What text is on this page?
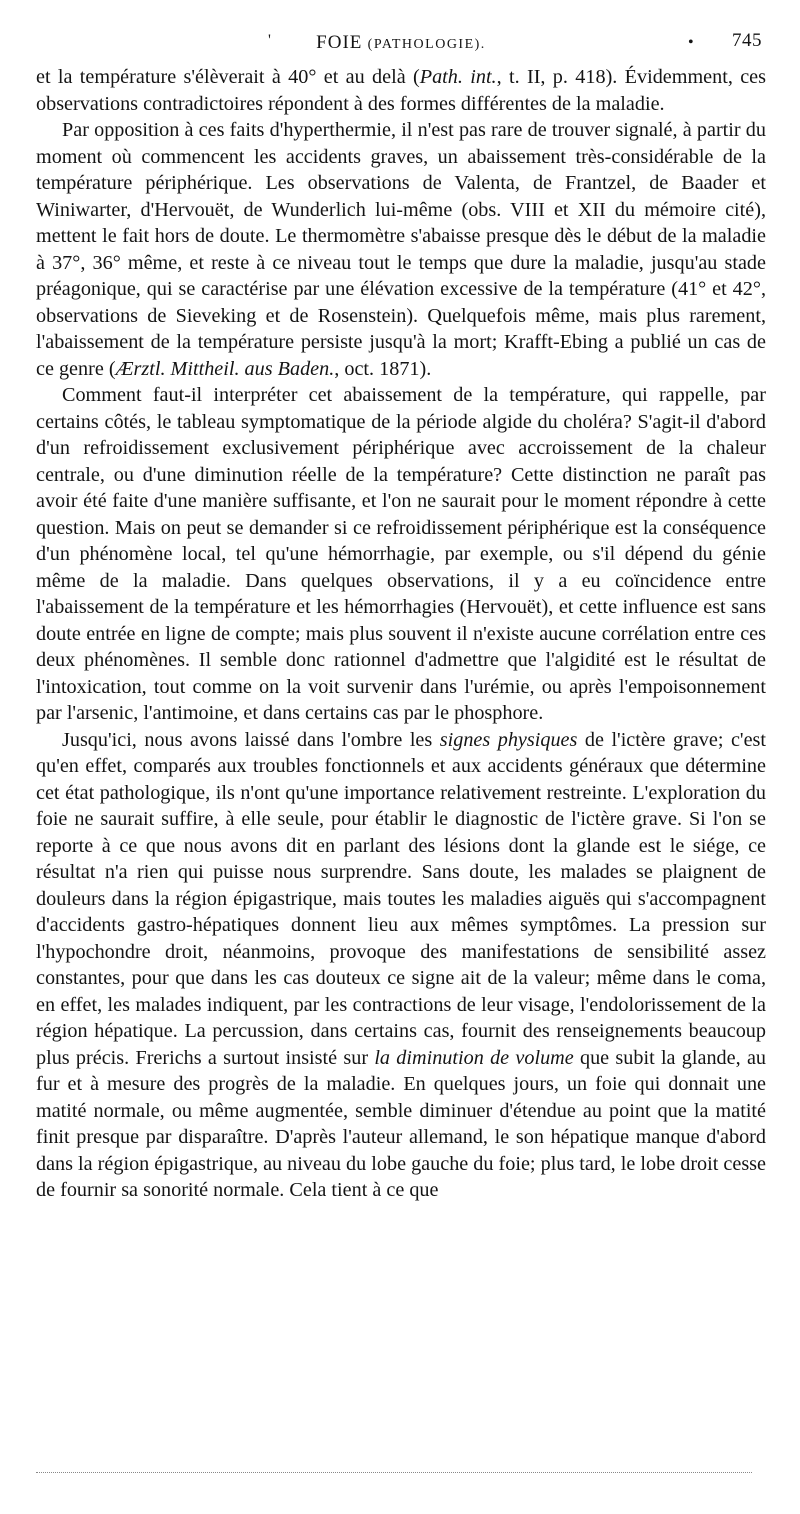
'	FOIE (PATHOLOGIE).	• 745

et la température s'élèverait à 40° et au delà (Path. int., t. II, p. 418). Évidemment, ces observations contradictoires répondent à des formes différentes de la maladie.

Par opposition à ces faits d'hyperthermie, il n'est pas rare de trouver signalé, à partir du moment où commencent les accidents graves, un abaissement très-considérable de la température périphérique. Les observations de Valenta, de Frantzel, de Baader et Winiwarter, d'Hervouët, de Wunderlich lui-même (obs. VIII et XII du mémoire cité), mettent le fait hors de doute. Le thermomètre s'abaisse presque dès le début de la maladie à 37°, 36° même, et reste à ce niveau tout le temps que dure la maladie, jusqu'au stade préagonique, qui se caractérise par une élévation excessive de la température (41° et 42°, observations de Sieveking et de Rosenstein). Quelquefois même, mais plus rarement, l'abaissement de la température persiste jusqu'à la mort; Krafft-Ebing a publié un cas de ce genre (Ærztl. Mittheil. aus Baden., oct. 1871).

Comment faut-il interpréter cet abaissement de la température, qui rappelle, par certains côtés, le tableau symptomatique de la période algide du choléra? S'agit-il d'abord d'un refroidissement exclusivement périphérique avec accroissement de la chaleur centrale, ou d'une diminution réelle de la température? Cette distinction ne paraît pas avoir été faite d'une manière suffisante, et l'on ne saurait pour le moment répondre à cette question. Mais on peut se demander si ce refroidissement périphérique est la conséquence d'un phénomène local, tel qu'une hémorrhagie, par exemple, ou s'il dépend du génie même de la maladie. Dans quelques observations, il y a eu coïncidence entre l'abaissement de la température et les hémorrhagies (Hervouët), et cette influence est sans doute entrée en ligne de compte; mais plus souvent il n'existe aucune corrélation entre ces deux phénomènes. Il semble donc rationnel d'admettre que l'algidité est le résultat de l'intoxication, tout comme on la voit survenir dans l'urémie, ou après l'empoisonnement par l'arsenic, l'antimoine, et dans certains cas par le phosphore.

Jusqu'ici, nous avons laissé dans l'ombre les signes physiques de l'ictère grave; c'est qu'en effet, comparés aux troubles fonctionnels et aux accidents généraux que détermine cet état pathologique, ils n'ont qu'une importance relativement restreinte. L'exploration du foie ne saurait suffire, à elle seule, pour établir le diagnostic de l'ictère grave. Si l'on se reporte à ce que nous avons dit en parlant des lésions dont la glande est le siége, ce résultat n'a rien qui puisse nous surprendre. Sans doute, les malades se plaignent de douleurs dans la région épigastrique, mais toutes les maladies aiguës qui s'accompagnent d'accidents gastro-hépatiques donnent lieu aux mêmes symptômes. La pression sur l'hypochondre droit, néanmoins, provoque des manifestations de sensibilité assez constantes, pour que dans les cas douteux ce signe ait de la valeur; même dans le coma, en effet, les malades indiquent, par les contractions de leur visage, l'endolorissement de la région hépatique. La percussion, dans certains cas, fournit des renseignements beaucoup plus précis. Frerichs a surtout insisté sur la diminution de volume que subit la glande, au fur et à mesure des progrès de la maladie. En quelques jours, un foie qui donnait une matité normale, ou même augmentée, semble diminuer d'étendue au point que la matité finit presque par disparaître. D'après l'auteur allemand, le son hépatique manque d'abord dans la région épigastrique, au niveau du lobe gauche du foie; plus tard, le lobe droit cesse de fournir sa sonorité normale. Cela tient à ce que
